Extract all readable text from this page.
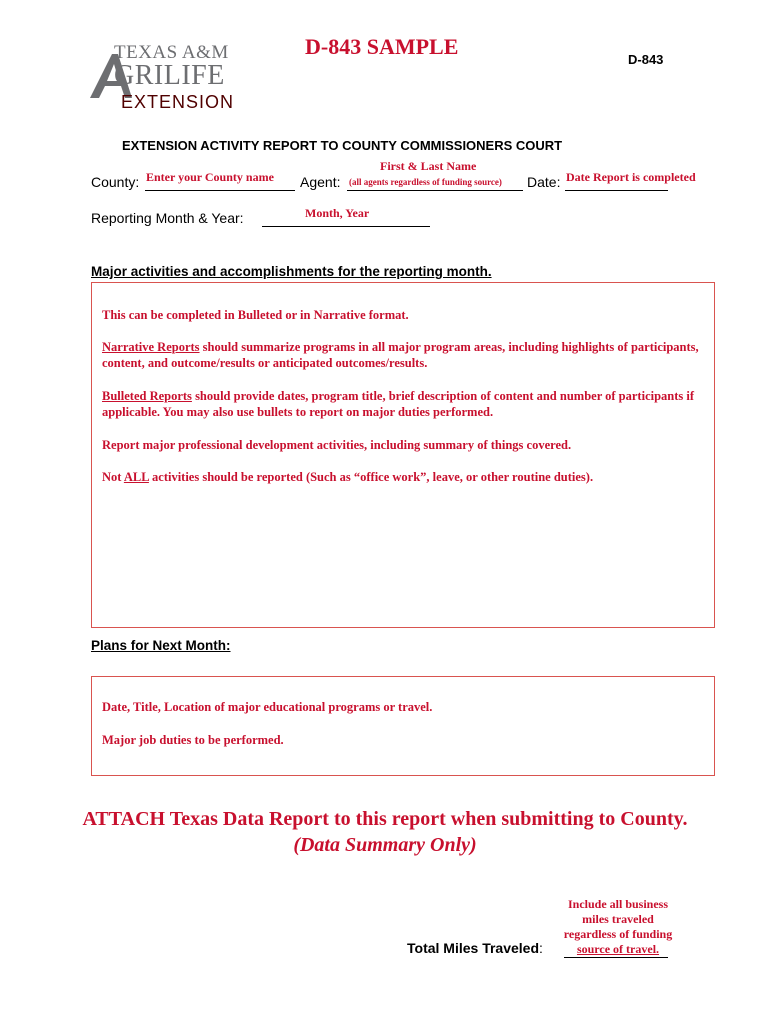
TEXAS A&M
GRILIFE
EXTENSION
D-843 SAMPLE
D-843
EXTENSION ACTIVITY REPORT TO COUNTY COMMISSIONERS COURT
County: Enter your County name Agent:
First & Last Name
(all agents regardless of funding source) Date: Date Report is completed
Reporting Month & Year:	Month, Year
Major activities and accomplishments for the reporting month.

This can be completed in Bulleted or in Narrative format.

Narrative Reports should summarize programs in all major program areas, including highlights of participants, content, and outcome/results or anticipated outcomes/results.

Bulleted Reports should provide dates, program title, brief description of content and number of participants if applicable. You may also use bullets to report on major duties performed.

Report major professional development activities, including summary of things covered.

Not ALL activities should be reported (Such as “office work”, leave, or other routine duties).

Plans for Next Month:

Date, Title, Location of major educational programs or travel.

Major job duties to be performed.

ATTACH Texas Data Report to this report when submitting to County.
(Data Summary Only)
Include all business
miles traveled
regardless of funding
source of travel.
Total Miles Traveled:
